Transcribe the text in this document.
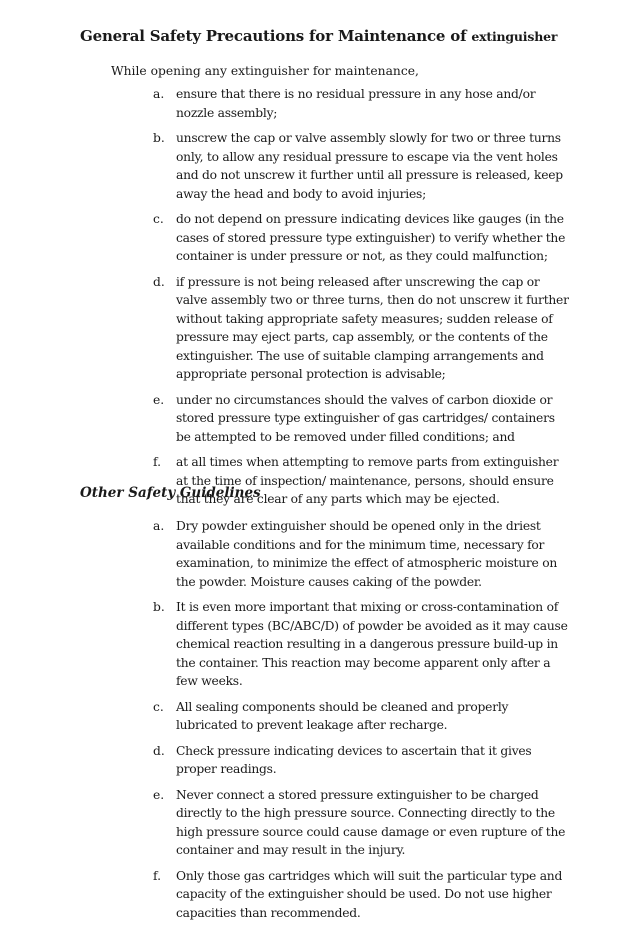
General Safety Precautions for Maintenance of extinguisher
While opening any extinguisher for maintenance,
a. ensure that there is no residual pressure in any hose and/or nozzle assembly;
b. unscrew the cap or valve assembly slowly for two or three turns only, to allow any residual pressure to escape via the vent holes and do not unscrew it further until all pressure is released, keep away the head and body to avoid injuries;
c. do not depend on pressure indicating devices like gauges (in the cases of stored pressure type extinguisher) to verify whether the container is under pressure or not, as they could malfunction;
d. if pressure is not being released after unscrewing the cap or valve assembly two or three turns, then do not unscrew it further without taking appropriate safety measures; sudden release of pressure may eject parts, cap assembly, or the contents of the extinguisher. The use of suitable clamping arrangements and appropriate personal protection is advisable;
e. under no circumstances should the valves of carbon dioxide or stored pressure type extinguisher of gas cartridges/ containers be attempted to be removed under filled conditions; and
f. at all times when attempting to remove parts from extinguisher at the time of inspection/ maintenance, persons, should ensure that they are clear of any parts which may be ejected.
Other Safety Guidelines
a. Dry powder extinguisher should be opened only in the driest available conditions and for the minimum time, necessary for examination, to minimize the effect of atmospheric moisture on the powder. Moisture causes caking of the powder.
b. It is even more important that mixing or cross-contamination of different types (BC/ABC/D) of powder be avoided as it may cause chemical reaction resulting in a dangerous pressure build-up in the container. This reaction may become apparent only after a few weeks.
c. All sealing components should be cleaned and properly lubricated to prevent leakage after recharge.
d. Check pressure indicating devices to ascertain that it gives proper readings.
e. Never connect a stored pressure extinguisher to be charged directly to the high pressure source. Connecting directly to the high pressure source could cause damage or even rupture of the container and may result in the injury.
f. Only those gas cartridges which will suit the particular type and capacity of the extinguisher should be used. Do not use higher capacities than recommended.
